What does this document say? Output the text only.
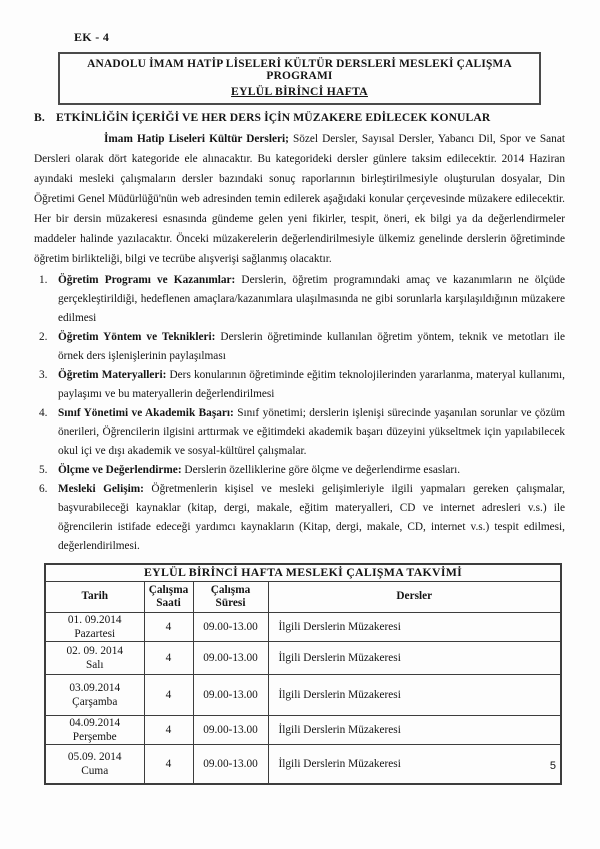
EK - 4
ANADOLU İMAM HATİP LİSELERİ KÜLTÜR DERSLERİ MESLEKİ ÇALIŞMA PROGRAMI
EYLÜL BİRİNCİ HAFTA
B. ETKİNLİĞİN İÇERİĞİ VE HER DERS İÇİN MÜZAKERE EDİLECEK KONULAR

İmam Hatip Liseleri Kültür Dersleri; Sözel Dersler, Sayısal Dersler, Yabancı Dil, Spor ve Sanat Dersleri olarak dört kategoride ele alınacaktır. Bu kategorideki dersler günlere taksim edilecektir. 2014 Haziran ayındaki mesleki çalışmaların dersler bazındaki sonuç raporlarının birleştirilmesiyle oluşturulan dosyalar, Din Öğretimi Genel Müdürlüğü'nün web adresinden temin edilerek aşağıdaki konular çerçevesinde müzakere edilecektir. Her bir dersin müzakeresi esnasında gündeme gelen yeni fikirler, tespit, öneri, ek bilgi ya da değerlendirmeler maddeler halinde yazılacaktır. Önceki müzakerelerin değerlendirilmesiyle ülkemiz genelinde derslerin öğretiminde öğretim birlikteliği, bilgi ve tecrübe alışverişi sağlanmış olacaktır.

1. Öğretim Programı ve Kazanımlar: Derslerin, öğretim programındaki amaç ve kazanımların ne ölçüde gerçekleştirildiği, hedeflenen amaçlara/kazanımlara ulaşılmasında ne gibi sorunlarla karşılaşıldığının müzakere edilmesi
2. Öğretim Yöntem ve Teknikleri: Derslerin öğretiminde kullanılan öğretim yöntem, teknik ve metotları ile örnek ders işlenişlerinin paylaşılması
3. Öğretim Materyalleri: Ders konularının öğretiminde eğitim teknolojilerinden yararlanma, materyal kullanımı, paylaşımı ve bu materyallerin değerlendirilmesi
4. Sınıf Yönetimi ve Akademik Başarı: Sınıf yönetimi; derslerin işlenişi sürecinde yaşanılan sorunlar ve çözüm önerileri, Öğrencilerin ilgisini arttırmak ve eğitimdeki akademik başarı düzeyini yükseltmek için yapılabilecek okul içi ve dışı akademik ve sosyal-kültürel çalışmalar.
5. Ölçme ve Değerlendirme: Derslerin özelliklerine göre ölçme ve değerlendirme esasları.
6. Mesleki Gelişim: Öğretmenlerin kişisel ve mesleki gelişimleriyle ilgili yapmaları gereken çalışmalar, başvurabileceği kaynaklar (kitap, dergi, makale, eğitim materyalleri, CD ve internet adresleri v.s.) ile öğrencilerin istifade edeceği yardımcı kaynakların (Kitap, dergi, makale, CD, internet v.s.) tespit edilmesi, değerlendirilmesi.
EYLÜL BİRİNCİ HAFTA MESLEKİ ÇALIŞMA TAKVİMİ			
Tarih	Çalışma Saati	Çalışma Süresi	Dersler

01. 09.2014
Pazartesi	4	09.00-13.00	İlgili Derslerin Müzakeresi

02. 09. 2014
Salı	4	09.00-13.00	İlgili Derslerin Müzakeresi

03.09.2014
Çarşamba	4	09.00-13.00	İlgili Derslerin Müzakeresi

04.09.2014
Perşembe	4	09.00-13.00	İlgili Derslerin Müzakeresi

05.09. 2014
Cuma	4	09.00-13.00	İlgili Derslerin Müzakeresi	5
